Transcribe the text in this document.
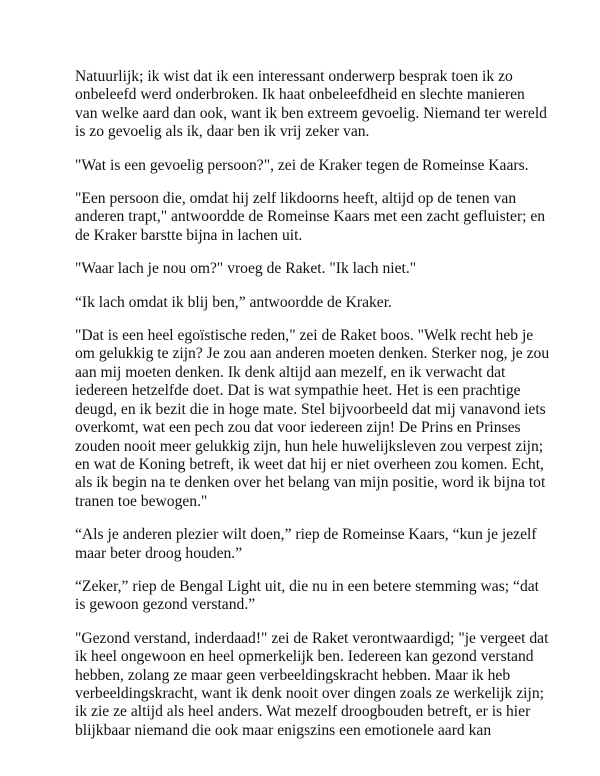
Natuurlijk; ik wist dat ik een interessant onderwerp besprak toen ik zo
onbeleefd werd onderbroken. Ik haat onbeleefdheid en slechte manieren
van welke aard dan ook, want ik ben extreem gevoelig. Niemand ter wereld
is zo gevoelig als ik, daar ben ik vrij zeker van.

"Wat is een gevoelig persoon?", zei de Kraker tegen de Romeinse Kaars.

"Een persoon die, omdat hij zelf likdoorns heeft, altijd op de tenen van
anderen trapt," antwoordde de Romeinse Kaars met een zacht gefluister; en
de Kraker barstte bijna in lachen uit.

"Waar lach je nou om?" vroeg de Raket. "Ik lach niet."

“Ik lach omdat ik blij ben,” antwoordde de Kraker.

"Dat is een heel egoïstische reden," zei de Raket boos. "Welk recht heb je
om gelukkig te zijn? Je zou aan anderen moeten denken. Sterker nog, je zou
aan mij moeten denken. Ik denk altijd aan mezelf, en ik verwacht dat
iedereen hetzelfde doet. Dat is wat sympathie heet. Het is een prachtige
deugd, en ik bezit die in hoge mate. Stel bijvoorbeeld dat mij vanavond iets
overkomt, wat een pech zou dat voor iedereen zijn! De Prins en Prinses
zouden nooit meer gelukkig zijn, hun hele huwelijksleven zou verpest zijn;
en wat de Koning betreft, ik weet dat hij er niet overheen zou komen. Echt,
als ik begin na te denken over het belang van mijn positie, word ik bijna tot
tranen toe bewogen."

“Als je anderen plezier wilt doen,” riep de Romeinse Kaars, “kun je jezelf
maar beter droog houden.”

“Zeker,” riep de Bengal Light uit, die nu in een betere stemming was; “dat
is gewoon gezond verstand.”

"Gezond verstand, inderdaad!" zei de Raket verontwaardigd; "je vergeet dat
ik heel ongewoon en heel opmerkelijk ben. Iedereen kan gezond verstand
hebben, zolang ze maar geen verbeeldingskracht hebben. Maar ik heb
verbeeldingskracht, want ik denk nooit over dingen zoals ze werkelijk zijn;
ik zie ze altijd als heel anders. Wat mezelf droogbouden betreft, er is hier
blijkbaar niemand die ook maar enigszins een emotionele aard kan
